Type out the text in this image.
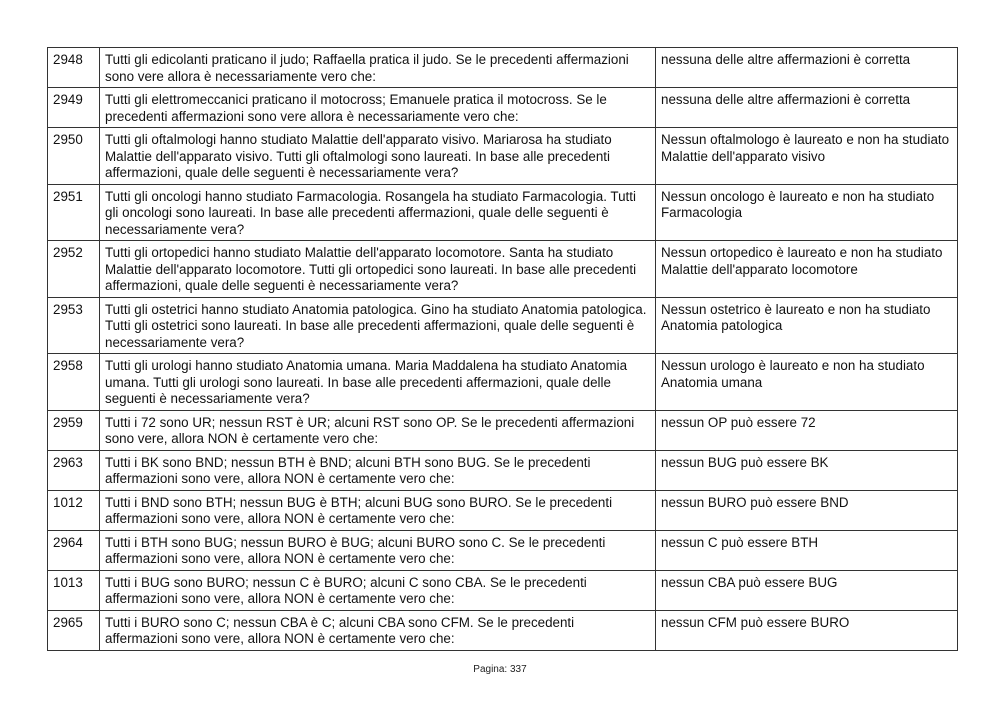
2948	Tutti gli edicolanti praticano il judo; Raffaella pratica il judo. Se le precedenti affermazioni sono vere allora è necessariamente vero che:	nessuna delle altre affermazioni è corretta
2949	Tutti gli elettromeccanici praticano il motocross; Emanuele pratica il motocross. Se le precedenti affermazioni sono vere allora è necessariamente vero che:	nessuna delle altre affermazioni è corretta
2950	Tutti gli oftalmologi hanno studiato Malattie dell'apparato visivo. Mariarosa ha studiato Malattie dell'apparato visivo. Tutti gli oftalmologi sono laureati. In base alle precedenti affermazioni, quale delle seguenti è necessariamente vera?	Nessun oftalmologo è laureato e non ha studiato Malattie dell'apparato visivo
2951	Tutti gli oncologi hanno studiato Farmacologia. Rosangela ha studiato Farmacologia. Tutti gli oncologi sono laureati. In base alle precedenti affermazioni, quale delle seguenti è necessariamente vera?	Nessun oncologo è laureato e non ha studiato Farmacologia
2952	Tutti gli ortopedici hanno studiato Malattie dell'apparato locomotore. Santa ha studiato Malattie dell'apparato locomotore. Tutti gli ortopedici sono laureati. In base alle precedenti affermazioni, quale delle seguenti è necessariamente vera?	Nessun ortopedico è laureato e non ha studiato Malattie dell'apparato locomotore
2953	Tutti gli ostetrici hanno studiato Anatomia patologica. Gino ha studiato Anatomia patologica. Tutti gli ostetrici sono laureati. In base alle precedenti affermazioni, quale delle seguenti è necessariamente vera?	Nessun ostetrico è laureato e non ha studiato Anatomia patologica
2958	Tutti gli urologi hanno studiato Anatomia umana. Maria Maddalena ha studiato Anatomia umana. Tutti gli urologi sono laureati. In base alle precedenti affermazioni, quale delle seguenti è necessariamente vera?	Nessun urologo è laureato e non ha studiato Anatomia umana
2959	Tutti i 72 sono UR; nessun RST è UR; alcuni RST sono OP. Se le precedenti affermazioni sono vere, allora NON è certamente vero che:	nessun OP può essere 72
2963	Tutti i BK sono BND; nessun BTH è BND; alcuni BTH sono BUG. Se le precedenti affermazioni sono vere, allora NON è certamente vero che:	nessun BUG può essere BK
1012	Tutti i BND sono BTH; nessun BUG è BTH; alcuni BUG sono BURO. Se le precedenti affermazioni sono vere, allora NON è certamente vero che:	nessun BURO può essere BND
2964	Tutti i BTH sono BUG; nessun BURO è BUG; alcuni BURO sono C. Se le precedenti affermazioni sono vere, allora NON è certamente vero che:	nessun C può essere BTH
1013	Tutti i BUG sono BURO; nessun C è BURO; alcuni C sono CBA. Se le precedenti affermazioni sono vere, allora NON è certamente vero che:	nessun CBA può essere BUG
2965	Tutti i BURO sono C; nessun CBA è C; alcuni CBA sono CFM. Se le precedenti affermazioni sono vere, allora NON è certamente vero che:	nessun CFM può essere BURO
Pagina: 337
